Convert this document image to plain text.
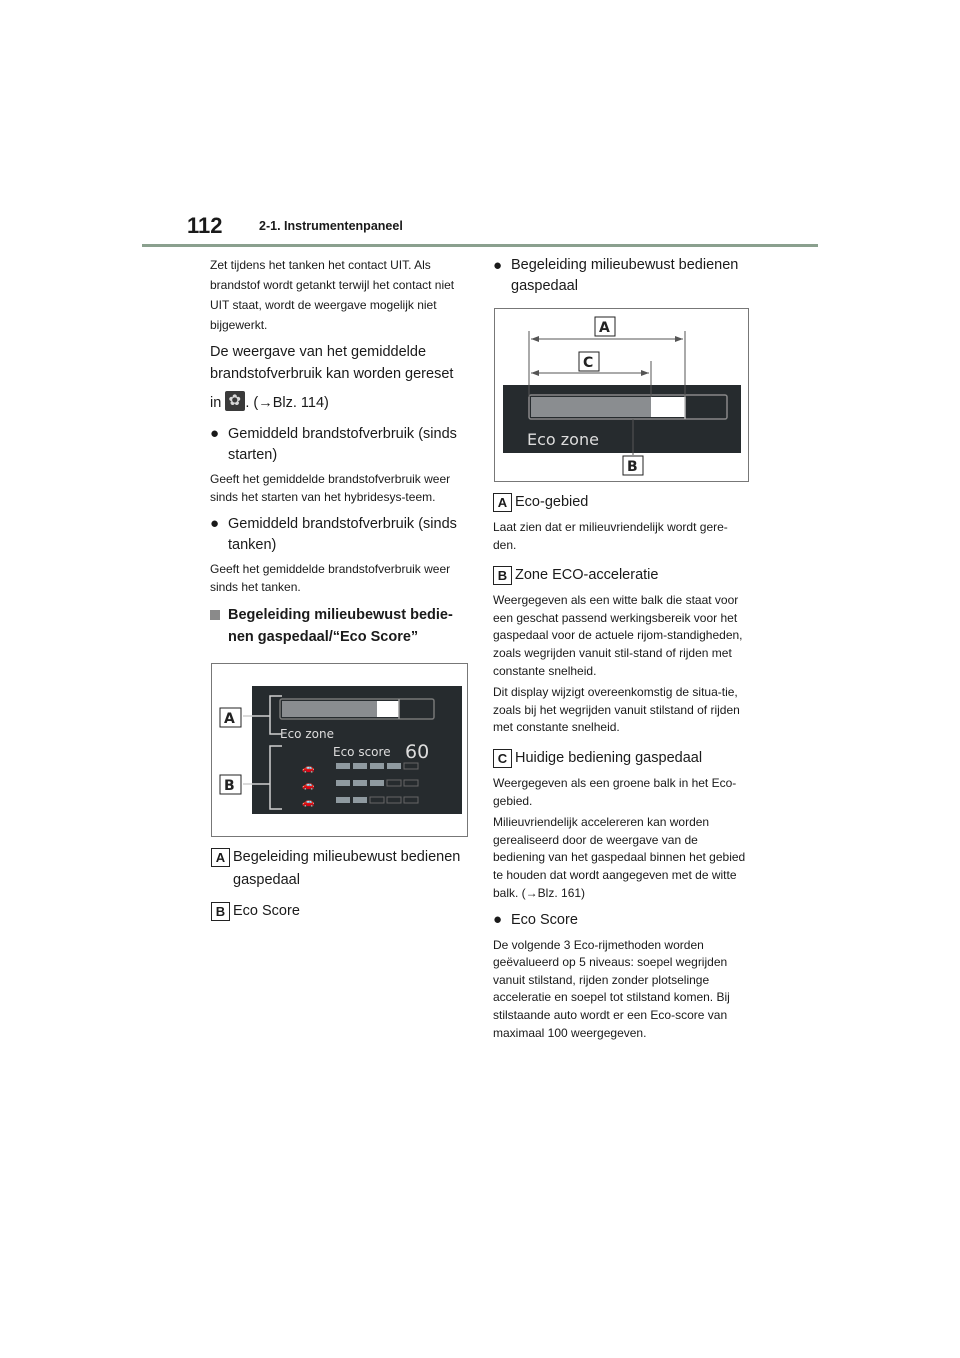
112	2-1. Instrumentenpaneel

Zet tijdens het tanken het contact UIT. Als brandstof wordt getankt terwijl het contact niet UIT staat, wordt de weergave mogelijk niet bijgewerkt.

De weergave van het gemiddelde brandstofverbruik kan worden gereset

in ✿ . (→Blz. 114)

● Gemiddeld brandstofverbruik (sinds starten)

Geeft het gemiddelde brandstofverbruik weer sinds het starten van het hybridesys-teem.

● Gemiddeld brandstofverbruik (sinds tanken)

Geeft het gemiddelde brandstofverbruik weer sinds het tanken.

Begeleiding milieubewust bedie-nen gaspedaal/“Eco Score”

Eco zone
Eco score 60
🚗
🚗
🚗
A
B

A Begeleiding milieubewust bedienen gaspedaal

B Eco Score

● Begeleiding milieubewust bedienen gaspedaal

Eco zone
A
C
B

A Eco-gebied

Laat zien dat er milieuvriendelijk wordt gere-den.

B Zone ECO-acceleratie

Weergegeven als een witte balk die staat voor een geschat passend werkingsbereik voor het gaspedaal voor de actuele rijom-standigheden, zoals wegrijden vanuit stil-stand of rijden met constante snelheid.

Dit display wijzigt overeenkomstig de situa-tie, zoals bij het wegrijden vanuit stilstand of rijden met constante snelheid.

C Huidige bediening gaspedaal

Weergegeven als een groene balk in het Eco-gebied.

Milieuvriendelijk accelereren kan worden gerealiseerd door de weergave van de bediening van het gaspedaal binnen het gebied te houden dat wordt aangegeven met de witte balk. (→Blz. 161)

● Eco Score

De volgende 3 Eco-rijmethoden worden geëvalueerd op 5 niveaus: soepel wegrijden vanuit stilstand, rijden zonder plotselinge acceleratie en soepel tot stilstand komen. Bij stilstaande auto wordt er een Eco-score van maximaal 100 weergegeven.
